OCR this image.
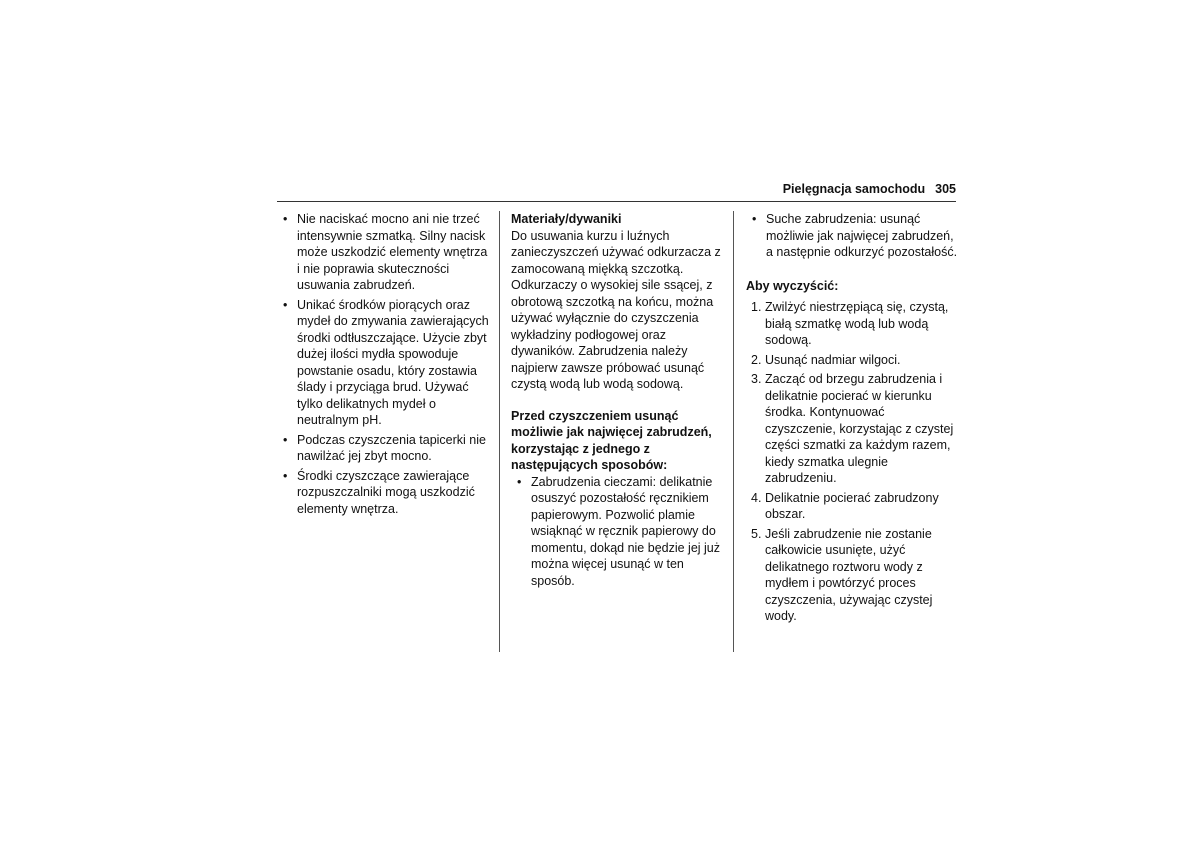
Pielęgnacja samochodu 305
• Nie naciskać mocno ani nie trzeć intensywnie szmatką. Silny nacisk może uszkodzić elementy wnętrza i nie poprawia skuteczności usuwania zabrudzeń.
• Unikać środków piorących oraz mydeł do zmywania zawierających środki odtłuszczające. Użycie zbyt dużej ilości mydła spowoduje powstanie osadu, który zostawia ślady i przyciąga brud. Używać tylko delikatnych mydeł o neutralnym pH.
• Podczas czyszczenia tapicerki nie nawilżać jej zbyt mocno.
• Środki czyszczące zawierające rozpuszczalniki mogą uszkodzić elementy wnętrza.
Materiały/dywaniki
Do usuwania kurzu i luźnych zanieczyszczeń używać odkurzacza z zamocowaną miękką szczotką. Odkurzaczy o wysokiej sile ssącej, z obrotową szczotką na końcu, można używać wyłącznie do czyszczenia wykładziny podłogowej oraz dywaników. Zabrudzenia należy najpierw zawsze próbować usunąć czystą wodą lub wodą sodową.
Przed czyszczeniem usunąć możliwie jak najwięcej zabrudzeń, korzystając z jednego z następujących sposobów:
• Zabrudzenia cieczami: delikatnie osuszyć pozostałość ręcznikiem papierowym. Pozwolić plamie wsiąknąć w ręcznik papierowy do momentu, dokąd nie będzie jej już można więcej usunąć w ten sposób.
• Suche zabrudzenia: usunąć możliwie jak najwięcej zabrudzeń, a następnie odkurzyć pozostałość.
Aby wyczyścić:
1. Zwilżyć niestrzępiącą się, czystą, białą szmatkę wodą lub wodą sodową.
2. Usunąć nadmiar wilgoci.
3. Zacząć od brzegu zabrudzenia i delikatnie pocierać w kierunku środka. Kontynuować czyszczenie, korzystając z czystej części szmatki za każdym razem, kiedy szmatka ulegnie zabrudzeniu.
4. Delikatnie pocierać zabrudzony obszar.
5. Jeśli zabrudzenie nie zostanie całkowicie usunięte, użyć delikatnego roztworu wody z mydłem i powtórzyć proces czyszczenia, używając czystej wody.
